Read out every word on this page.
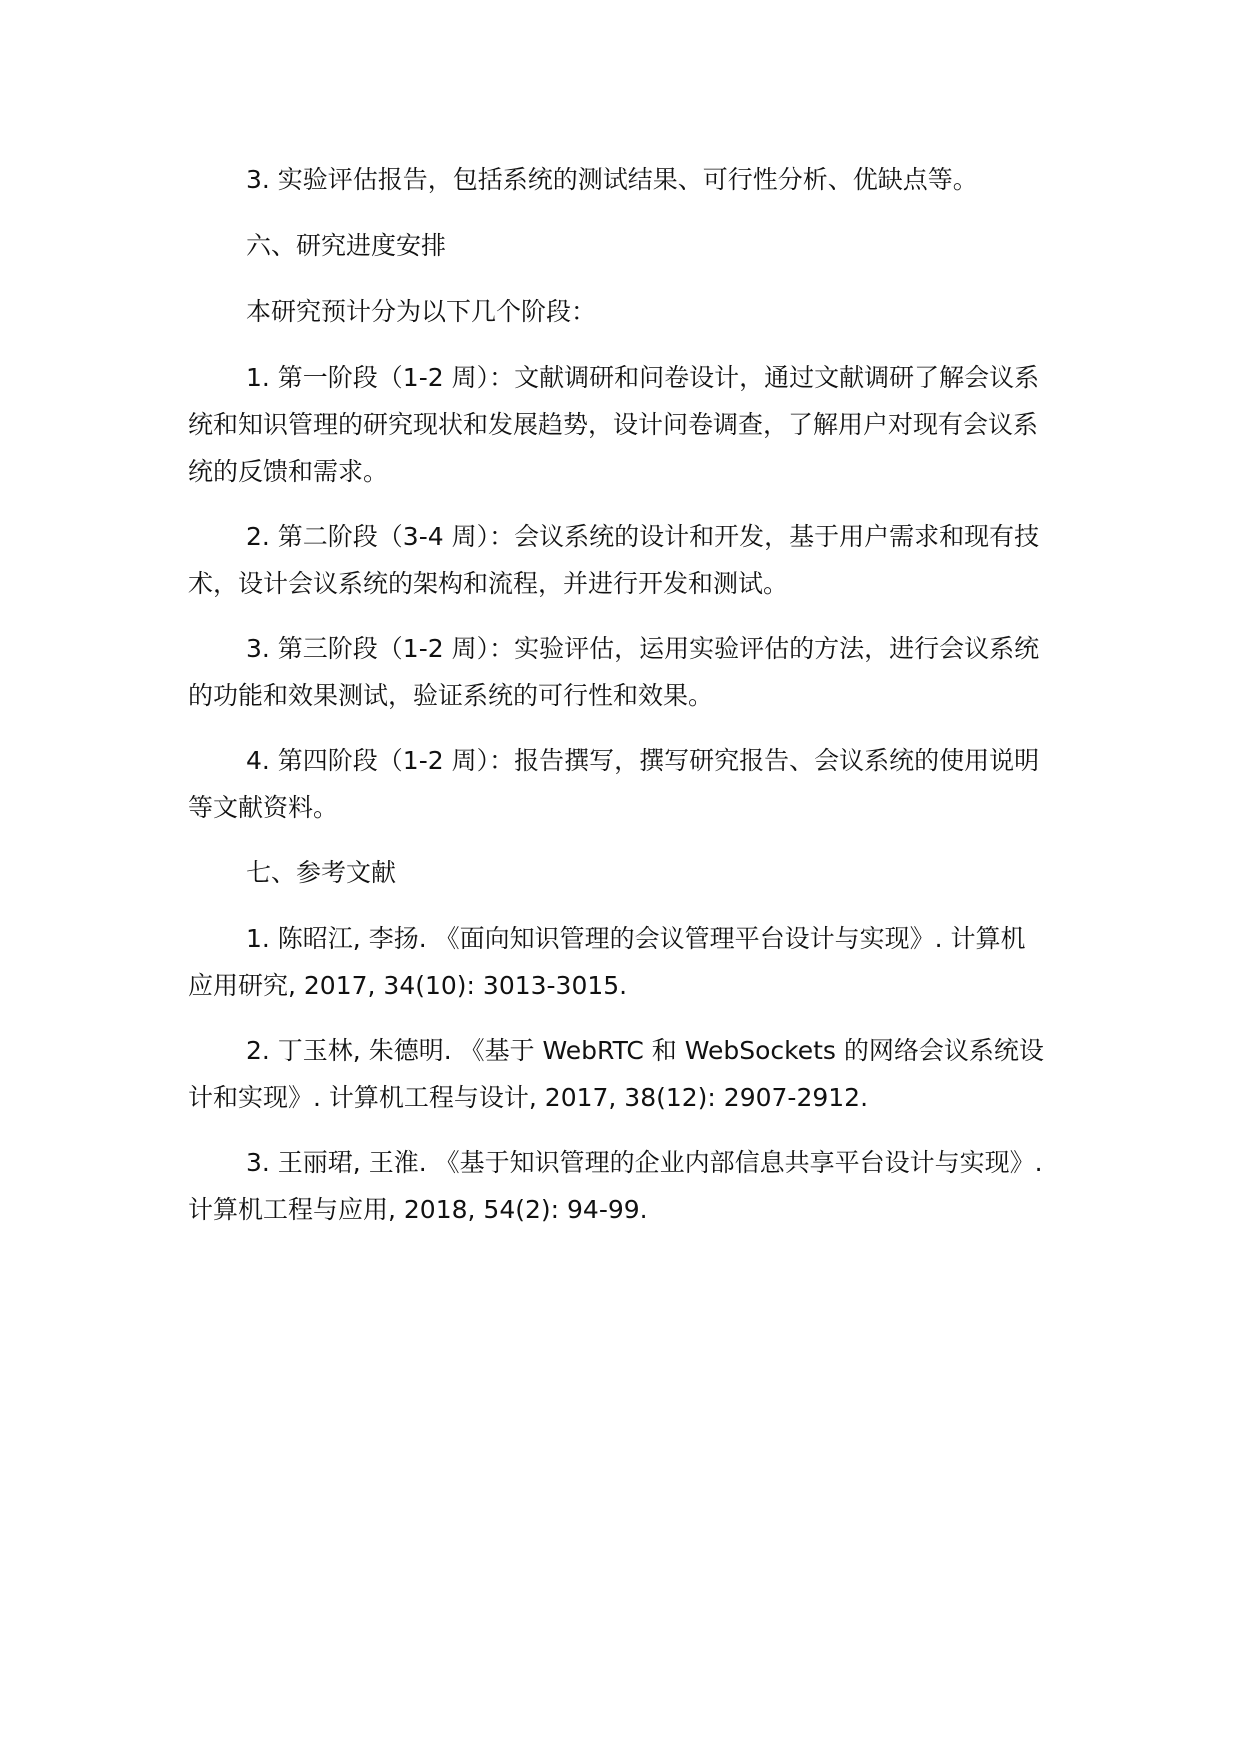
3. 实验评估报告，包括系统的测试结果、可行性分析、优缺点等。

六、研究进度安排

本研究预计分为以下几个阶段：

1. 第一阶段（1-2 周）：文献调研和问卷设计，通过文献调研了解会议系统和知识管理的研究现状和发展趋势，设计问卷调查，了解用户对现有会议系统的反馈和需求。

2. 第二阶段（3-4 周）：会议系统的设计和开发，基于用户需求和现有技术，设计会议系统的架构和流程，并进行开发和测试。

3. 第三阶段（1-2 周）：实验评估，运用实验评估的方法，进行会议系统的功能和效果测试，验证系统的可行性和效果。

4. 第四阶段（1-2 周）：报告撰写，撰写研究报告、会议系统的使用说明等文献资料。

七、参考文献

1. 陈昭江, 李扬. 《面向知识管理的会议管理平台设计与实现》. 计算机应用研究, 2017, 34(10): 3013-3015.

2. 丁玉林, 朱德明. 《基于 WebRTC 和 WebSockets 的网络会议系统设计和实现》. 计算机工程与设计, 2017, 38(12): 2907-2912.

3. 王丽珺, 王淮. 《基于知识管理的企业内部信息共享平台设计与实现》. 计算机工程与应用, 2018, 54(2): 94-99.
